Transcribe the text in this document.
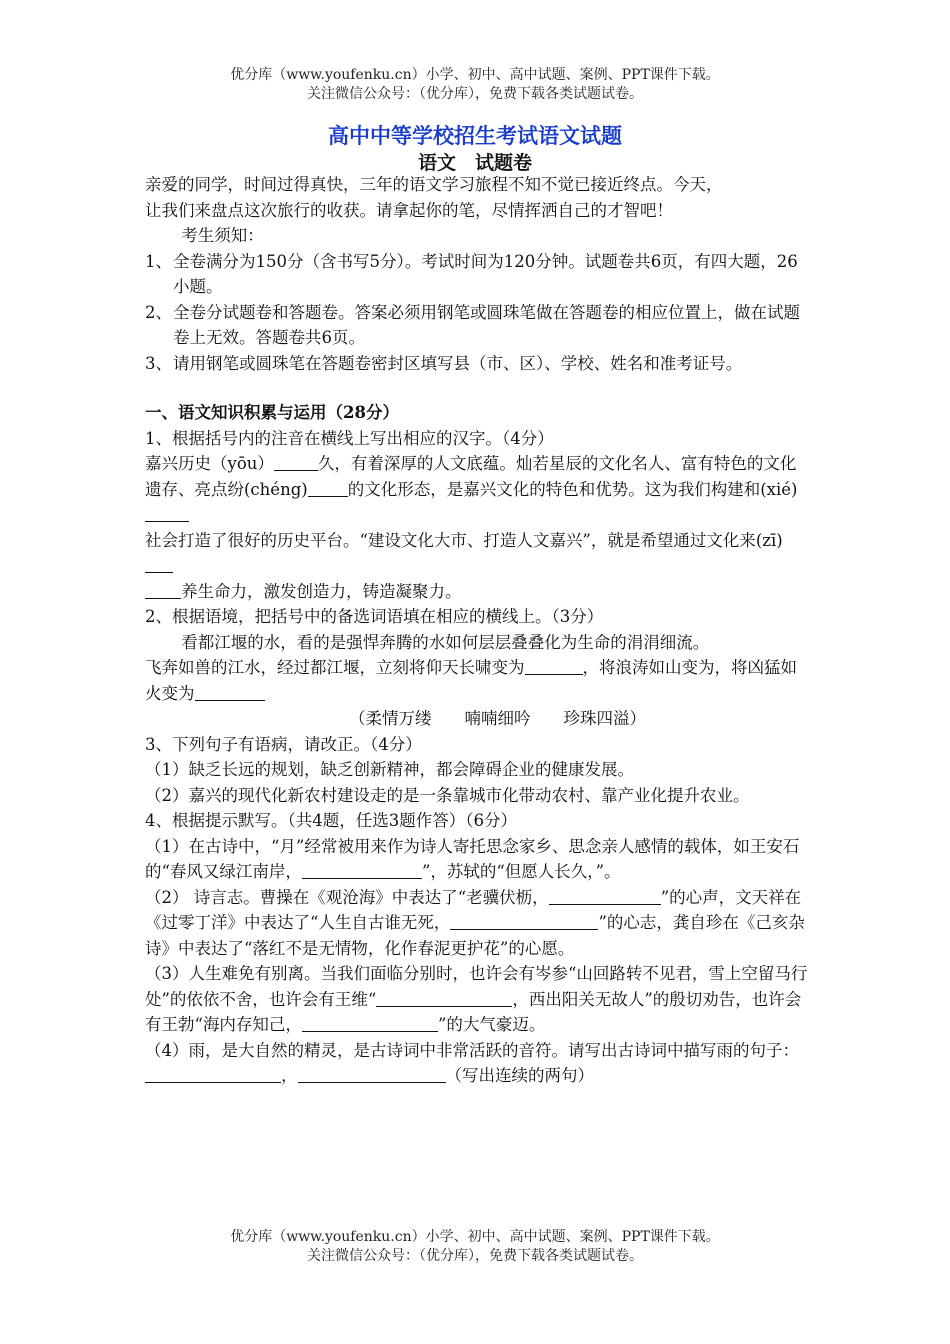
优分库（www.youfenku.cn）小学、初中、高中试题、案例、PPT课件下载。
关注微信公众号：（优分库），免费下载各类试题试卷。
高中中等学校招生考试语文试题
语文　试题卷

亲爱的同学，时间过得真快，三年的语文学习旅程不知不觉已接近终点。今天，

让我们来盘点这次旅行的收获。请拿起你的笔，尽情挥洒自己的才智吧！

考生须知：

1、全卷满分为150分（含书写5分）。考试时间为120分钟。试题卷共6页，有四大题，26小题。

2、全卷分试题卷和答题卷。答案必须用钢笔或圆珠笔做在答题卷的相应位置上，做在试题卷上无效。答题卷共6页。

3、请用钢笔或圆珠笔在答题卷密封区填写县（市、区）、学校、姓名和准考证号。

一、语文知识积累与运用（28分）

1、根据括号内的注音在横线上写出相应的汉字。（4分）

嘉兴历史（yōu）	久，有着深厚的人文底蕴。灿若星辰的文化名人、富有特色的文化遗存、亮点纷(chéng) 的文化形态，是嘉兴文化的特色和优势。这为我们构建和(xié)
社会打造了很好的历史平台。“建设文化大市、打造人文嘉兴”，就是希望通过文化来(zī)
养生命力，激发创造力，铸造凝聚力。

2、根据语境，把括号中的备选词语填在相应的横线上。（3分）

看都江堰的水，看的是强悍奔腾的水如何层层叠叠化为生命的涓涓细流。

飞奔如兽的江水，经过都江堰，立刻将仰天长啸变为	，将浪涛如山变为，将凶猛如火变为

（柔情万缕　　喃喃细吟　　珍珠四溢）

3、下列句子有语病，请改正。（4分）

（1）缺乏长远的规划，缺乏创新精神，都会障碍企业的健康发展。

（2）嘉兴的现代化新农村建设走的是一条靠城市化带动农村、靠产业化提升农业。

4、根据提示默写。（共4题，任选3题作答）（6分）

（1）在古诗中，“月”经常被用来作为诗人寄托思念家乡、思念亲人感情的载体，如王安石的“春风又绿江南岸，	”，苏轼的“但愿人长久，”。

（2） 诗言志。曹操在《观沧海》中表达了“老骥伏枥，	”的心声，文天祥在《过零丁洋》中表达了“人生自古谁无死，	”的心志，龚自珍在《己亥杂诗》中表达了“落红不是无情物，化作春泥更护花”的心愿。

（3）人生难免有别离。当我们面临分别时，也许会有岑参“山回路转不见君，雪上空留马行处”的依依不舍，也许会有王维“	，西出阳关无故人”的殷切劝告，也许会有王勃“海内存知己，	”的大气豪迈。

（4）雨，是大自然的精灵，是古诗词中非常活跃的音符。请写出古诗词中描写雨的句子：
，	（写出连续的两句）

优分库（www.youfenku.cn）小学、初中、高中试题、案例、PPT课件下载。
关注微信公众号：（优分库），免费下载各类试题试卷。
